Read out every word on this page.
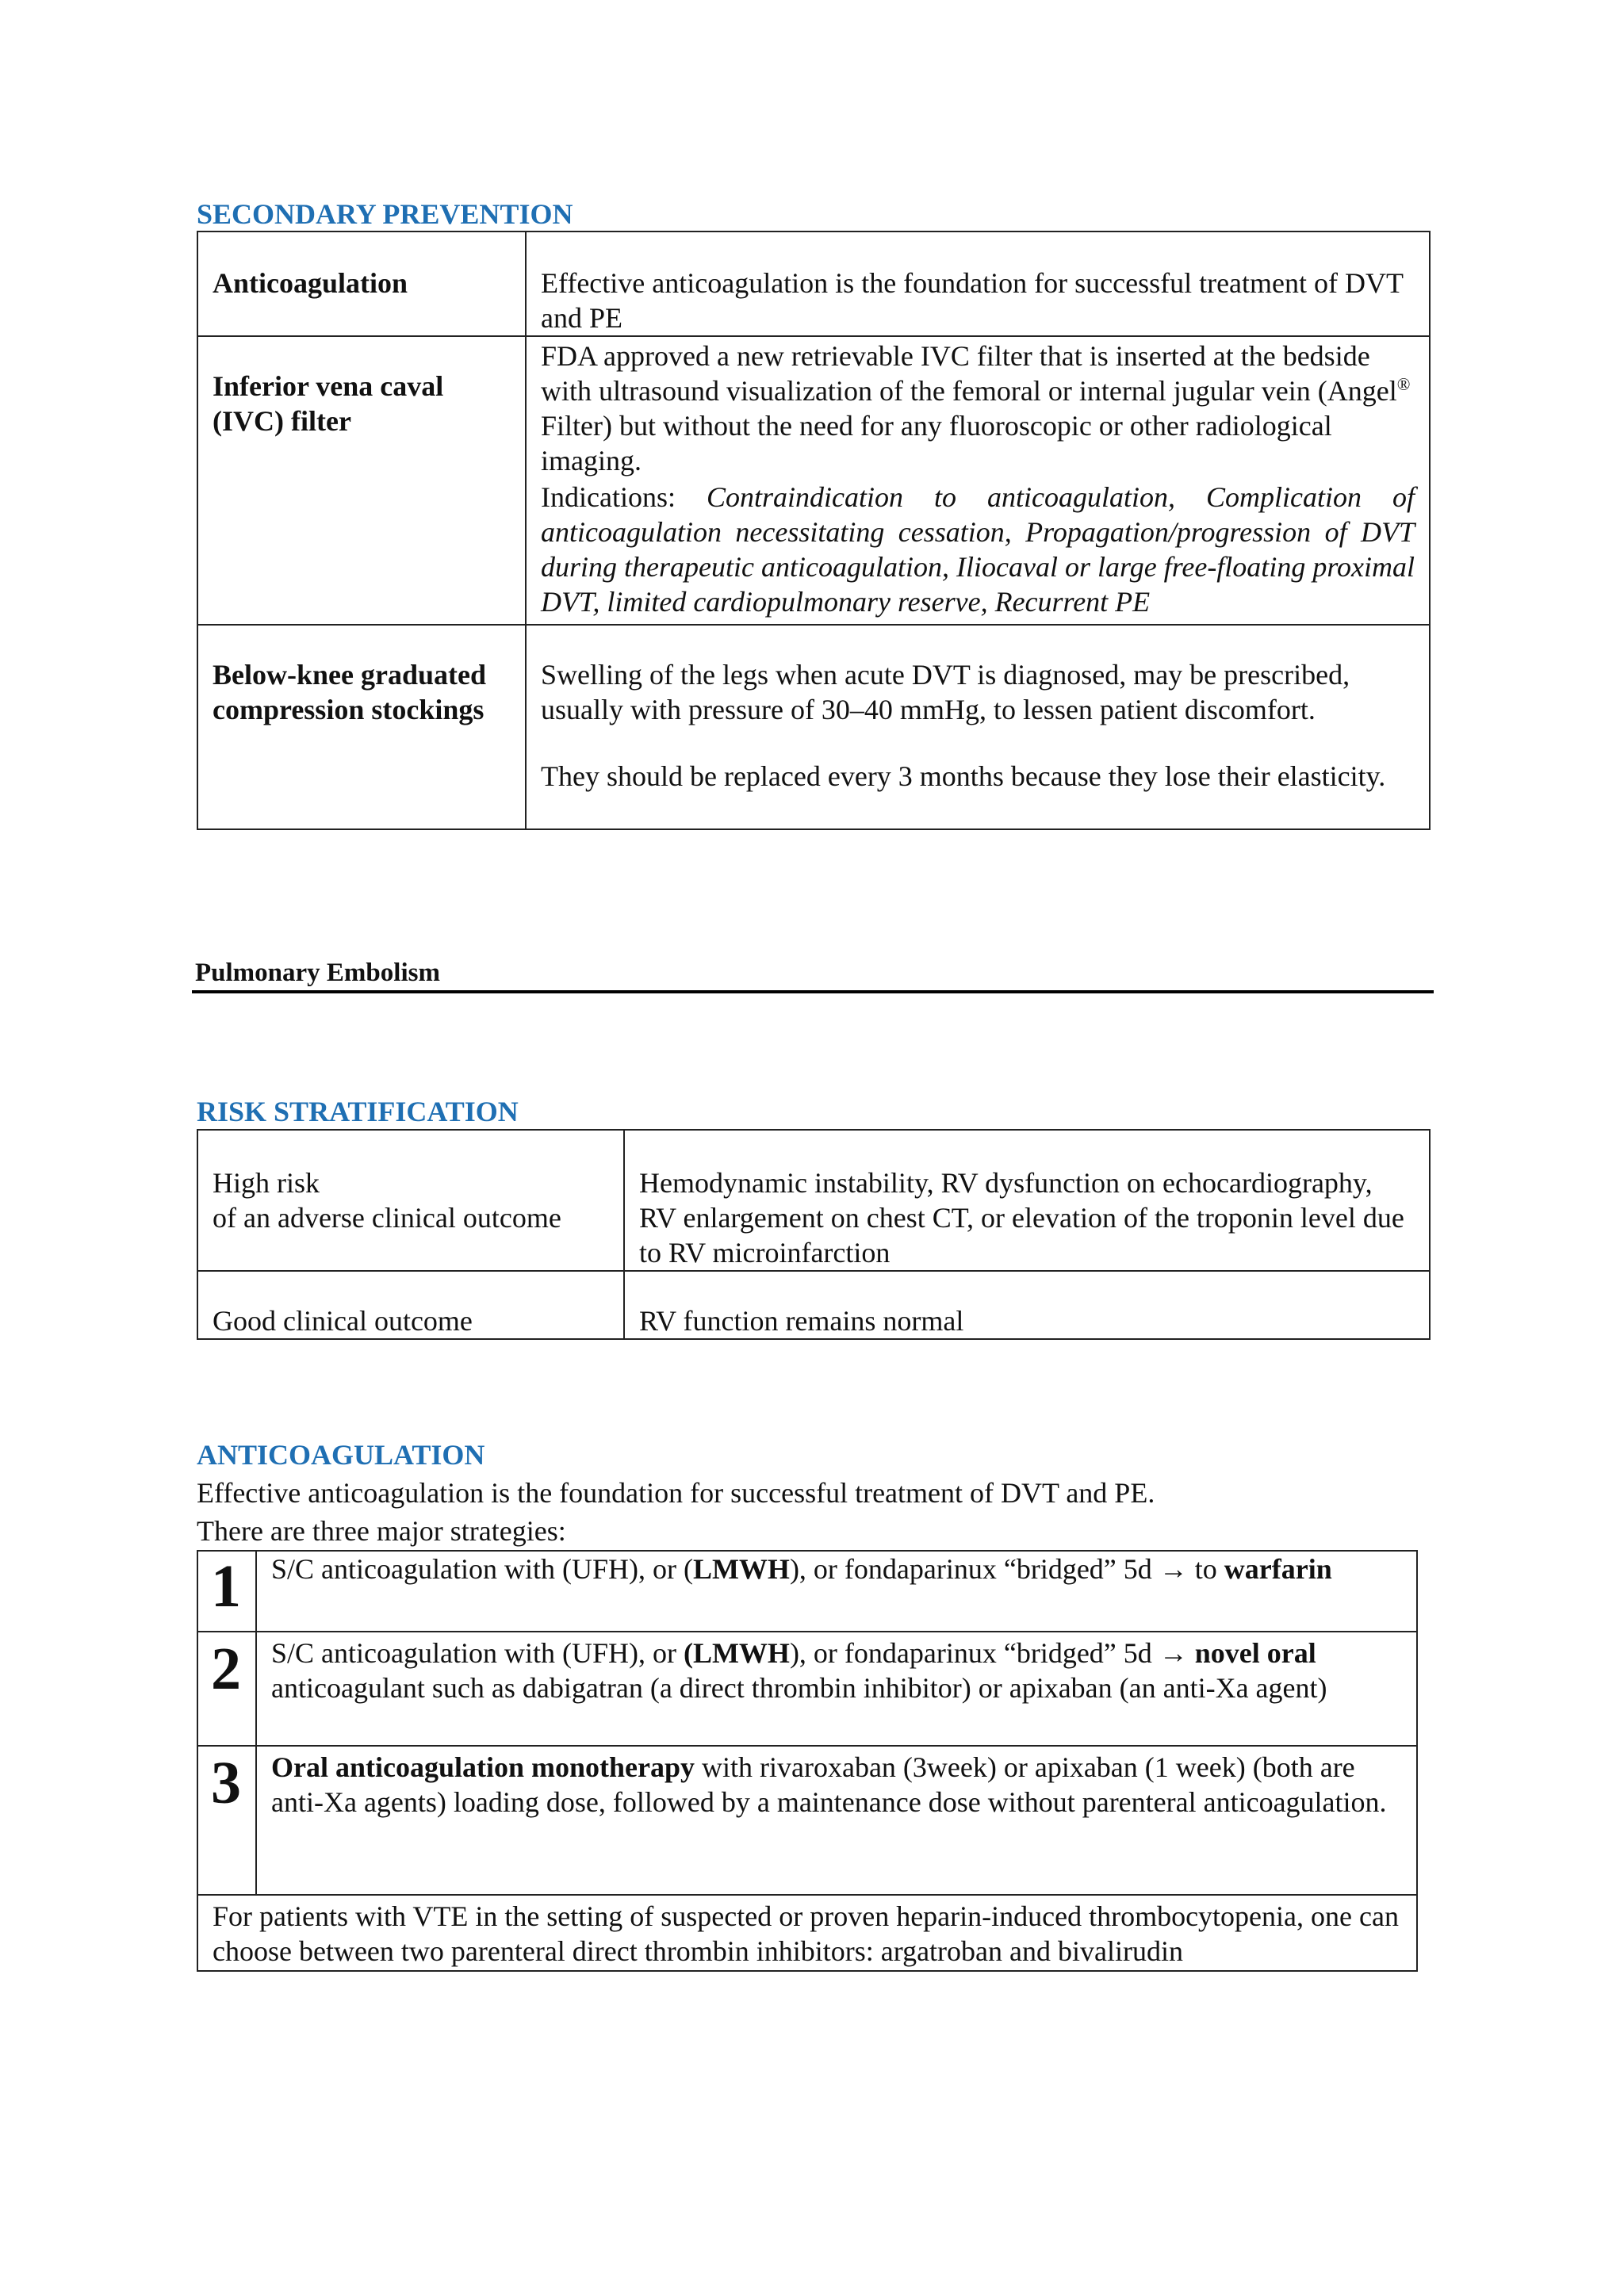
SECONDARY PREVENTION
Anticoagulation	Effective anticoagulation is the foundation for successful treatment of DVT and PE
Inferior vena caval (IVC) filter	FDA approved a new retrievable IVC filter that is inserted at the bedside with ultrasound visualization of the femoral or internal jugular vein (Angel® Filter) but without the need for any fluoroscopic or other radiological imaging.

Indications: Contraindication to anticoagulation, Complication of anticoagulation necessitating cessation, Propagation/progression of DVT during therapeutic anticoagulation, Iliocaval or large free-floating proximal DVT, limited cardiopulmonary reserve, Recurrent PE

Below-knee graduated compression stockings	Swelling of the legs when acute DVT is diagnosed, may be prescribed, usually with pressure of 30–40 mmHg, to lessen patient discomfort.

They should be replaced every 3 months because they lose their elasticity.

Pulmonary Embolism
RISK STRATIFICATION
High risk
of an adverse clinical outcome	Hemodynamic instability, RV dysfunction on echocardiography, RV enlargement on chest CT, or elevation of the troponin level due to RV microinfarction
Good clinical outcome	RV function remains normal
ANTICOAGULATION

Effective anticoagulation is the foundation for successful treatment of DVT and PE.

There are three major strategies:

1	S/C anticoagulation with (UFH), or (LMWH), or fondaparinux “bridged” 5d → to warfarin
2	S/C anticoagulation with (UFH), or (LMWH), or fondaparinux “bridged” 5d → novel oral anticoagulant such as dabigatran (a direct thrombin inhibitor) or apixaban (an anti-Xa agent)
3	Oral anticoagulation monotherapy with rivaroxaban (3week) or apixaban (1 week) (both are anti-Xa agents) loading dose, followed by a maintenance dose without parenteral anticoagulation.
For patients with VTE in the setting of suspected or proven heparin-induced thrombocytopenia, one can choose between two parenteral direct thrombin inhibitors: argatroban and bivalirudin	
